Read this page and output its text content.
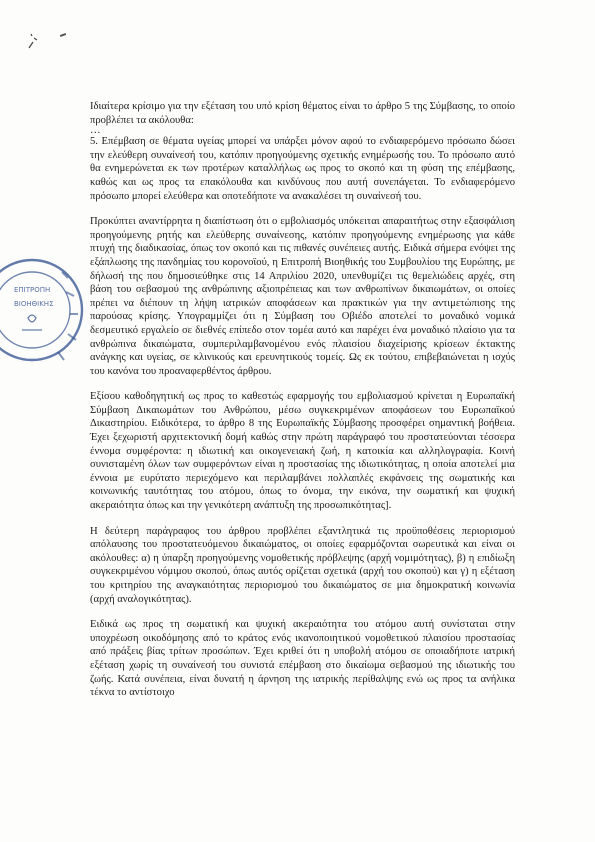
ΕΠΙΤΡΟΠΗ
ΒΙΟΗΘΙΚΗΣ

Ιδιαίτερα κρίσιμο για την εξέταση του υπό κρίση θέματος είναι το άρθρο 5 της Σύμβασης, το οποίο προβλέπει τα ακόλουθα:

…

5. Επέμβαση σε θέματα υγείας μπορεί να υπάρξει μόνον αφού το ενδιαφερόμενο πρόσωπο δώσει την ελεύθερη συναίνεσή του, κατόπιν προηγούμενης σχετικής ενημέρωσής του. Το πρόσωπο αυτό θα ενημερώνεται εκ των προτέρων καταλλήλως ως προς το σκοπό και τη φύση της επέμβασης, καθώς και ως προς τα επακόλουθα και κινδύνους που αυτή συνεπάγεται. Το ενδιαφερόμενο πρόσωπο μπορεί ελεύθερα και οποτεδήποτε να ανακαλέσει τη συναίνεσή του.

Προκύπτει αναντίρρητα η διαπίστωση ότι ο εμβολιασμός υπόκειται απαραιτήτως στην εξασφάλιση προηγούμενης ρητής και ελεύθερης συναίνεσης, κατόπιν προηγούμενης ενημέρωσης για κάθε πτυχή της διαδικασίας, όπως τον σκοπό και τις πιθανές συνέπειες αυτής. Ειδικά σήμερα ενόψει της εξάπλωσης της πανδημίας του κορονοϊού, η Επιτροπή Βιοηθικής του Συμβουλίου της Ευρώπης, με δήλωσή της που δημοσιεύθηκε στις 14 Απριλίου 2020, υπενθυμίζει τις θεμελιώδεις αρχές, στη βάση του σεβασμού της ανθρώπινης αξιοπρέπειας και των ανθρωπίνων δικαιωμάτων, οι οποίες πρέπει να διέπουν τη λήψη ιατρικών αποφάσεων και πρακτικών για την αντιμετώπισης της παρούσας κρίσης. Υπογραμμίζει ότι η Σύμβαση του Οβιέδο αποτελεί το μοναδικό νομικά δεσμευτικό εργαλείο σε διεθνές επίπεδο στον τομέα αυτό και παρέχει ένα μοναδικό πλαίσιο για τα ανθρώπινα δικαιώματα, συμπεριλαμβανομένου ενός πλαισίου διαχείρισης κρίσεων έκτακτης ανάγκης και υγείας, σε κλινικούς και ερευνητικούς τομείς. Ως εκ τούτου, επιβεβαιώνεται η ισχύς του κανόνα του προαναφερθέντος άρθρου.

Εξίσου καθοδηγητική ως προς το καθεστώς εφαρμογής του εμβολιασμού κρίνεται η Ευρωπαϊκή Σύμβαση Δικαιωμάτων του Ανθρώπου, μέσω συγκεκριμένων αποφάσεων του Ευρωπαϊκού Δικαστηρίου. Ειδικότερα, το άρθρο 8 της Ευρωπαϊκής Σύμβασης προσφέρει σημαντική βοήθεια. Έχει ξεχωριστή αρχιτεκτονική δομή καθώς στην πρώτη παράγραφό του προστατεύονται τέσσερα έννομα συμφέροντα: η ιδιωτική και οικογενειακή ζωή, η κατοικία και αλληλογραφία. Κοινή συνισταμένη όλων των συμφερόντων είναι η προστασίας της ιδιωτικότητας, η οποία αποτελεί μια έννοια με ευρύτατο περιεχόμενο και περιλαμβάνει πολλαπλές εκφάνσεις της σωματικής και κοινωνικής ταυτότητας του ατόμου, όπως το όνομα, την εικόνα, την σωματική και ψυχική ακεραιότητα όπως και την γενικότερη ανάπτυξη της προσωπικότητας].

Η δεύτερη παράγραφος του άρθρου προβλέπει εξαντλητικά τις προϋποθέσεις περιορισμού απόλαυσης του προστατευόμενου δικαιώματος, οι οποίες εφαρμόζονται σωρευτικά και είναι οι ακόλουθες: α) η ύπαρξη προηγούμενης νομοθετικής πρόβλεψης (αρχή νομιμότητας), β) η επιδίωξη συγκεκριμένου νόμιμου σκοπού, όπως αυτός ορίζεται σχετικά (αρχή του σκοπού) και γ) η εξέταση του κριτηρίου της αναγκαιότητας περιορισμού του δικαιώματος σε μια δημοκρατική κοινωνία (αρχή αναλογικότητας).

Ειδικά ως προς τη σωματική και ψυχική ακεραιότητα του ατόμου αυτή συνίσταται στην υποχρέωση οικοδόμησης από το κράτος ενός ικανοποιητικού νομοθετικού πλαισίου προστασίας από πράξεις βίας τρίτων προσώπων. Έχει κριθεί ότι η υποβολή ατόμου σε οποιαδήποτε ιατρική εξέταση χωρίς τη συναίνεσή του συνιστά επέμβαση στο δικαίωμα σεβασμού της ιδιωτικής του ζωής. Κατά συνέπεια, είναι δυνατή η άρνηση της ιατρικής περίθαλψης ενώ ως προς τα ανήλικα τέκνα το αντίστοιχο
